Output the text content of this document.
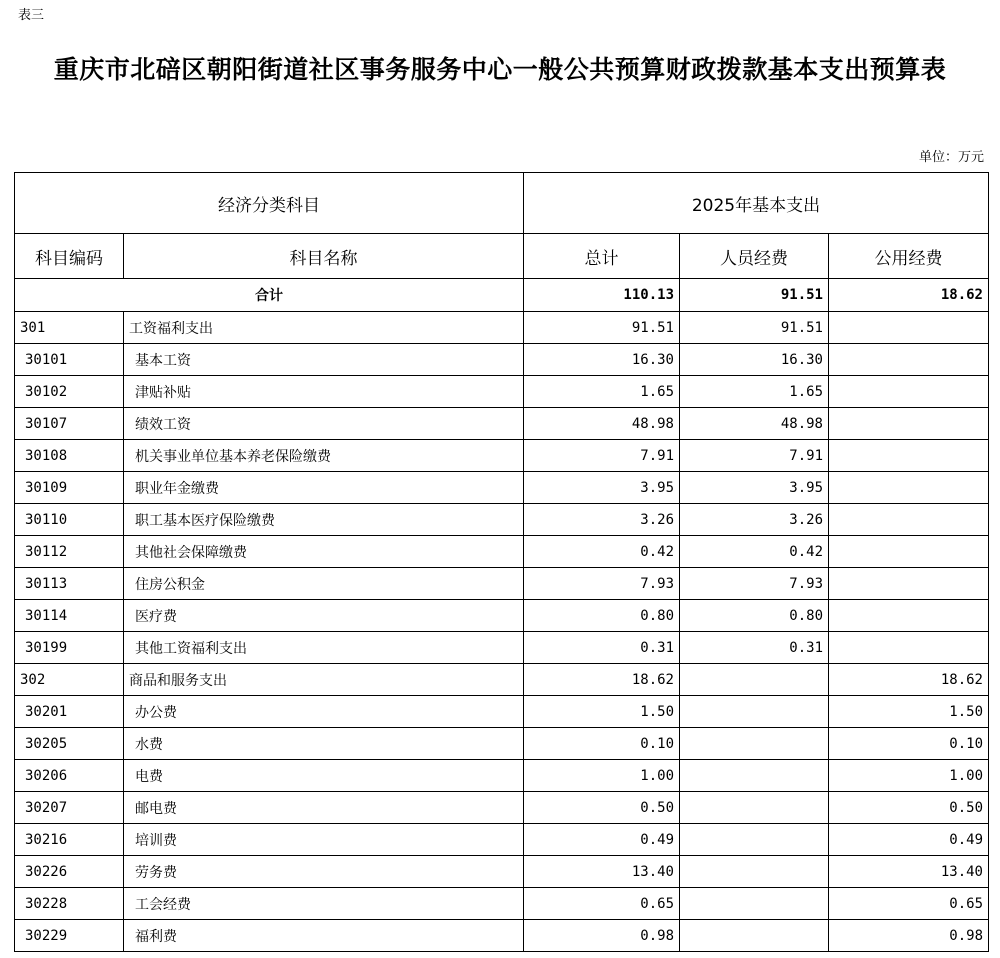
表三
重庆市北碚区朝阳街道社区事务服务中心一般公共预算财政拨款基本支出预算表
单位：万元
经济分类科目		2025年基本支出		
科目编码	科目名称	总计	人员经费	公用经费
合计		110.13	91.51	18.62
301	工资福利支出	91.51	91.51	
30101	基本工资	16.30	16.30	
30102	津贴补贴	1.65	1.65	
30107	绩效工资	48.98	48.98	
30108	机关事业单位基本养老保险缴费	7.91	7.91	
30109	职业年金缴费	3.95	3.95	
30110	职工基本医疗保险缴费	3.26	3.26	
30112	其他社会保障缴费	0.42	0.42	
30113	住房公积金	7.93	7.93	
30114	医疗费	0.80	0.80	
30199	其他工资福利支出	0.31	0.31	
302	商品和服务支出	18.62		18.62
30201	办公费	1.50		1.50
30205	水费	0.10		0.10
30206	电费	1.00		1.00
30207	邮电费	0.50		0.50
30216	培训费	0.49		0.49
30226	劳务费	13.40		13.40
30228	工会经费	0.65		0.65
30229	福利费	0.98		0.98
